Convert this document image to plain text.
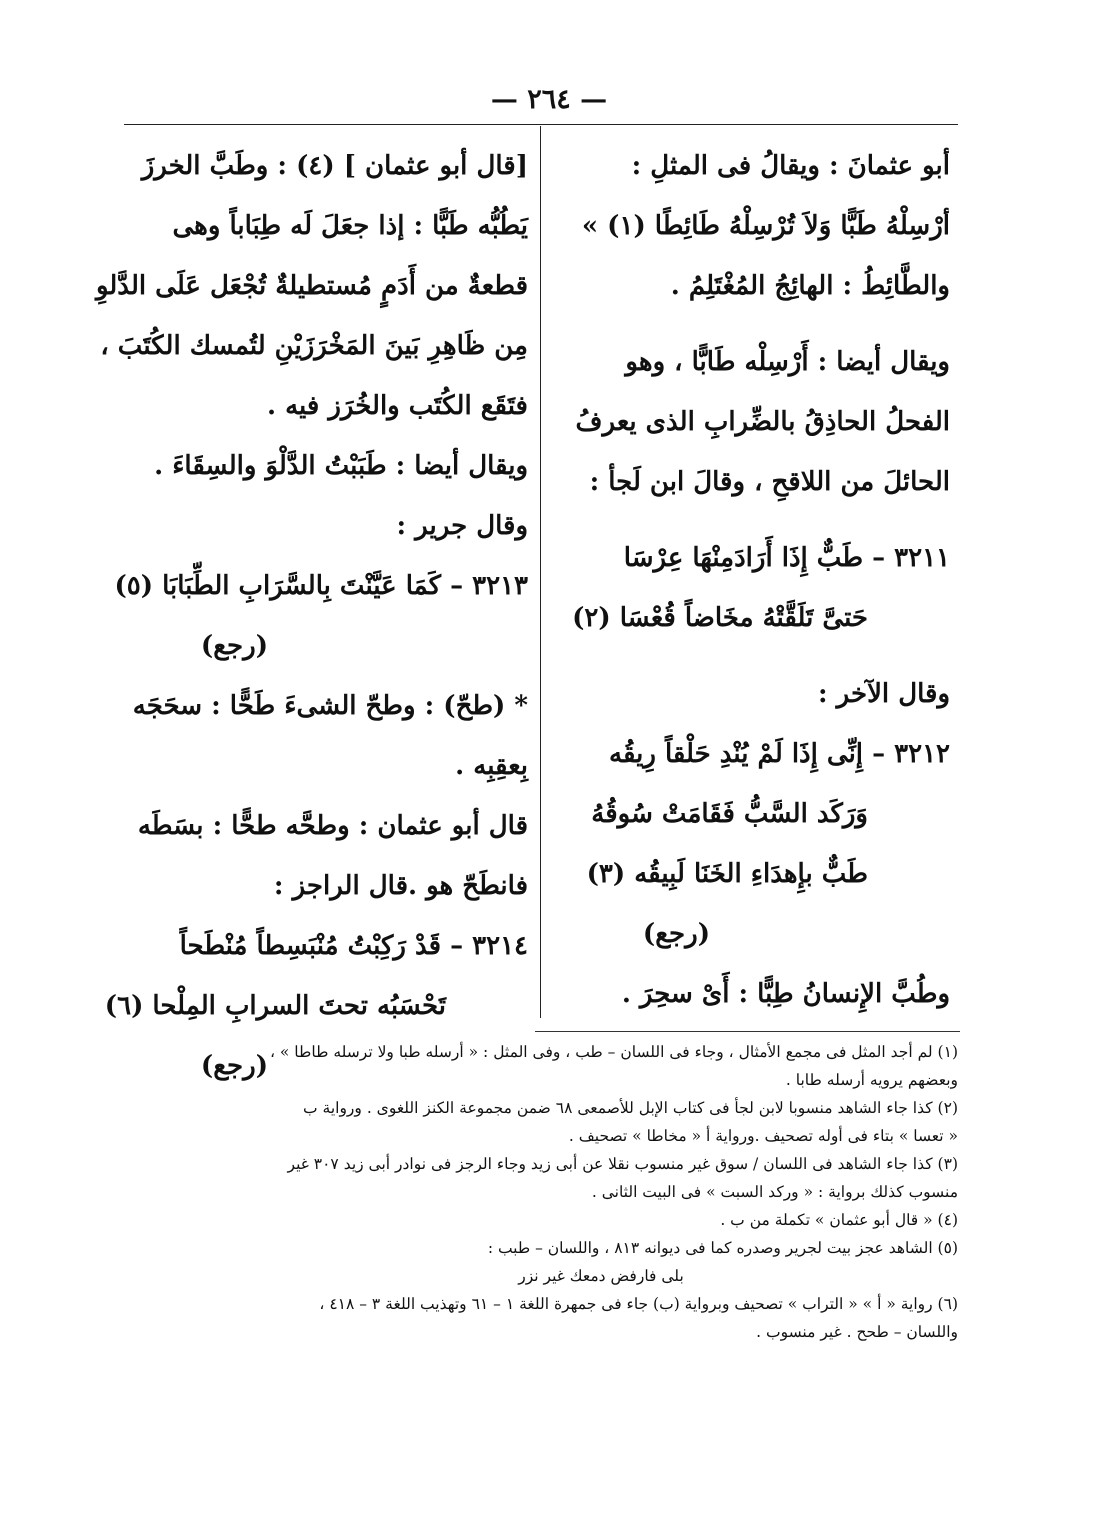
— ٢٦٤ —
أبو عثمانَ : ويقالُ فى المثلِ :
أرْسِلْهُ طَبًّا وَلاَ تُرْسِلْهُ طَائِطًا (١) »
والطَّائِطُ : الهائِجُ المُغْتَلِمُ .
ويقال أيضا : أَرْسِلْه طَابًّا ، وهو
الفحلُ الحاذِقُ بالضِّرابِ الذى يعرفُ
الحائلَ من اللاقحِ ، وقالَ ابن لَجأ :
٣٢١١ – طَبٌّ إِذَا أَرَادَمِنْهَا عِرْسَا
حَتىَّ تَلَقَّتْهُ مخَاضاً قُعْسَا (٢)
وقال الآخر :
٣٢١٢ – إِنِّى إِذَا لَمْ يُنْدِ حَلْقاً رِيقُه
وَرَكَد السَّبُّ فَقَامَتْ سُوقُهُ
طَبٌّ بإِهدَاءِ الخَنَا لَبِيقُه (٣)
(رجع)
وطُبَّ الإِنسانُ طِبًّا : أَىْ سحِرَ .
[قال أبو عثمان ] (٤) : وطَبَّ الخرزَ
يَطُبُّه طَبًّا : إذا جعَلَ لَه طِبَاباً وهى
قطعةٌ من أَدَمٍ مُستطيلةٌ تُجْعَل عَلَى الدَّلوِ
مِن ظَاهِرِ بَينَ المَخْرَزَيْنِ لتُمسك الكُتَبَ ،
فتَقَع الكُتَب والخُرَز فيه .
ويقال أيضا : طَبَبْتُ الدَّلْوَ والسِقَاءَ .
وقال جرير :
٣٢١٣ – كَمَا عَيَّنْتَ بِالسَّرَابِ الطِّبَابَا (٥)
(رجع)
* (طحّ) : وطحّ الشىءَ طَحًّا : سحَجَه
بِعقِبِه .
قال أبو عثمان : وطحَّه طحًّا : بسَطَه
فانطَحّ هو .قال الراجز :
٣٢١٤ – قَدْ رَكِبْتُ مُنْبَسِطاً مُنْطَحاً
تَحْسَبُه تحتَ السرابِ المِلْحا (٦)
(رجع) (١) لم أجد المثل فى مجمع الأمثال ، وجاء فى اللسان – طب ، وفى المثل : « أرسله طبا ولا ترسله طاطا » ،
وبعضهم يرويه أرسله طابا .
(٢) كذا جاء الشاهد منسوبا لابن لجأ فى كتاب الإبل للأصمعى ٦٨ ضمن مجموعة الكنز اللغوى . ورواية ب
« تعسا » بتاء فى أوله تصحيف .ورواية أ « مخاطا » تصحيف .
(٣) كذا جاء الشاهد فى اللسان / سوق غير منسوب نقلا عن أبى زيد وجاء الرجز فى نوادر أبى زيد ٣٠٧ غير
منسوب كذلك برواية : « وركد السبت » فى البيت الثانى .
(٤) « قال أبو عثمان » تكملة من ب .
(٥) الشاهد عجز بيت لجرير وصدره كما فى ديوانه ٨١٣ ، واللسان – طبب :
بلى فارفض دمعك غير نزر
(٦) رواية « أ » « التراب » تصحيف وبرواية (ب) جاء فى جمهرة اللغة ١ – ٦١ وتهذيب اللغة ٣ – ٤١٨ ،
واللسان – طحح . غير منسوب .
